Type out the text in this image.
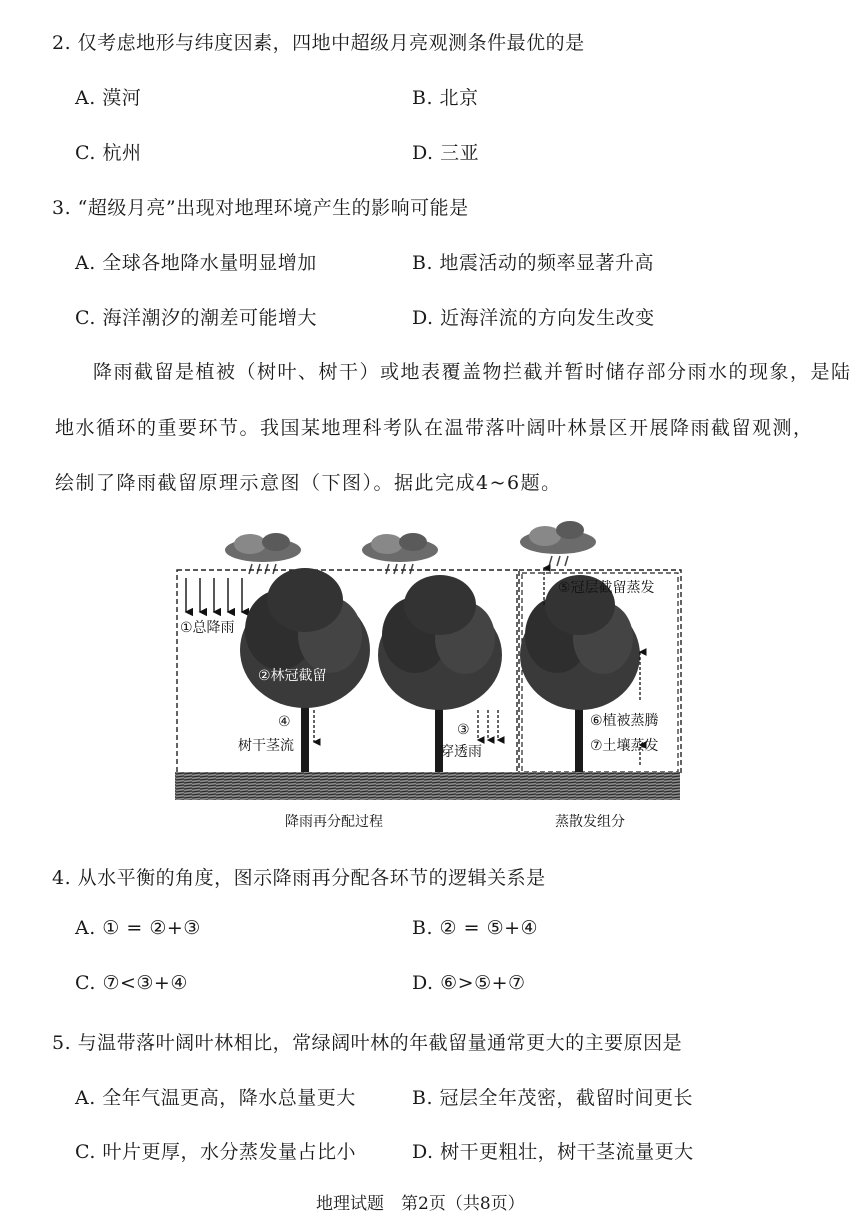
2. 仅考虑地形与纬度因素，四地中超级月亮观测条件最优的是
A. 漠河	B. 北京
C. 杭州	D. 三亚
3. “超级月亮”出现对地理环境产生的影响可能是
A. 全球各地降水量明显增加	B. 地震活动的频率显著升高
C. 海洋潮汐的潮差可能增大	D. 近海洋流的方向发生改变
降雨截留是植被（树叶、树干）或地表覆盖物拦截并暂时储存部分雨水的现象，是陆
地水循环的重要环节。我国某地理科考队在温带落叶阔叶林景区开展降雨截留观测，
绘制了降雨截留原理示意图（下图）。据此完成4~6题。
①总降雨
②林冠截留
④
树干茎流
③
穿透雨
⑤冠层截留蒸发
⑥植被蒸腾
⑦土壤蒸发
降雨再分配过程	蒸散发组分
4. 从水平衡的角度，图示降雨再分配各环节的逻辑关系是
A. ① = ②+③	B. ② = ⑤+④
C. ⑦<③+④	D. ⑥>⑤+⑦
5. 与温带落叶阔叶林相比，常绿阔叶林的年截留量通常更大的主要原因是
A. 全年气温更高，降水总量更大	B. 冠层全年茂密，截留时间更长
C. 叶片更厚，水分蒸发量占比小	D. 树干更粗壮，树干茎流量更大
地理试题　第2页（共8页）
